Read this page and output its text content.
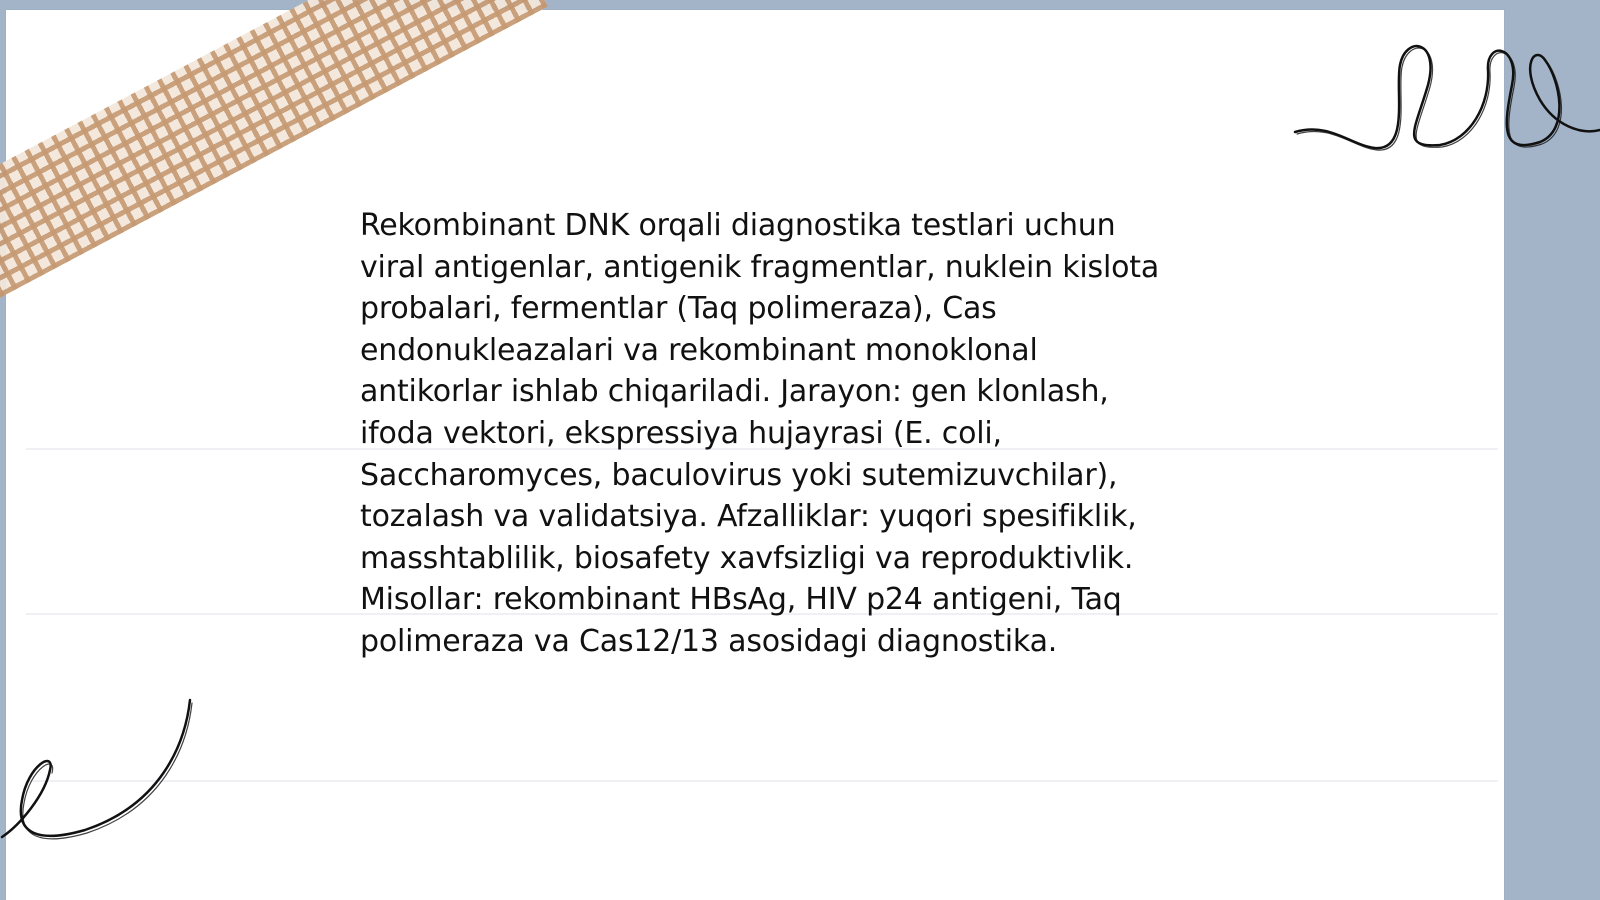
Rekombinant DNK orqali diagnostika testlari uchun
viral antigenlar, antigenik fragmentlar, nuklein kislota
probalari, fermentlar (Taq polimeraza), Cas
endonukleazalari va rekombinant monoklonal
antikorlar ishlab chiqariladi. Jarayon: gen klonlash,
ifoda vektori, ekspressiya hujayrasi (E. coli,
Saccharomyces, baculovirus yoki sutemizuvchilar),
tozalash va validatsiya. Afzalliklar: yuqori spesifiklik,
masshtablilik, biosafety xavfsizligi va reproduktivlik.
Misollar: rekombinant HBsAg, HIV p24 antigeni, Taq
polimeraza va Cas12/13 asosidagi diagnostika.
